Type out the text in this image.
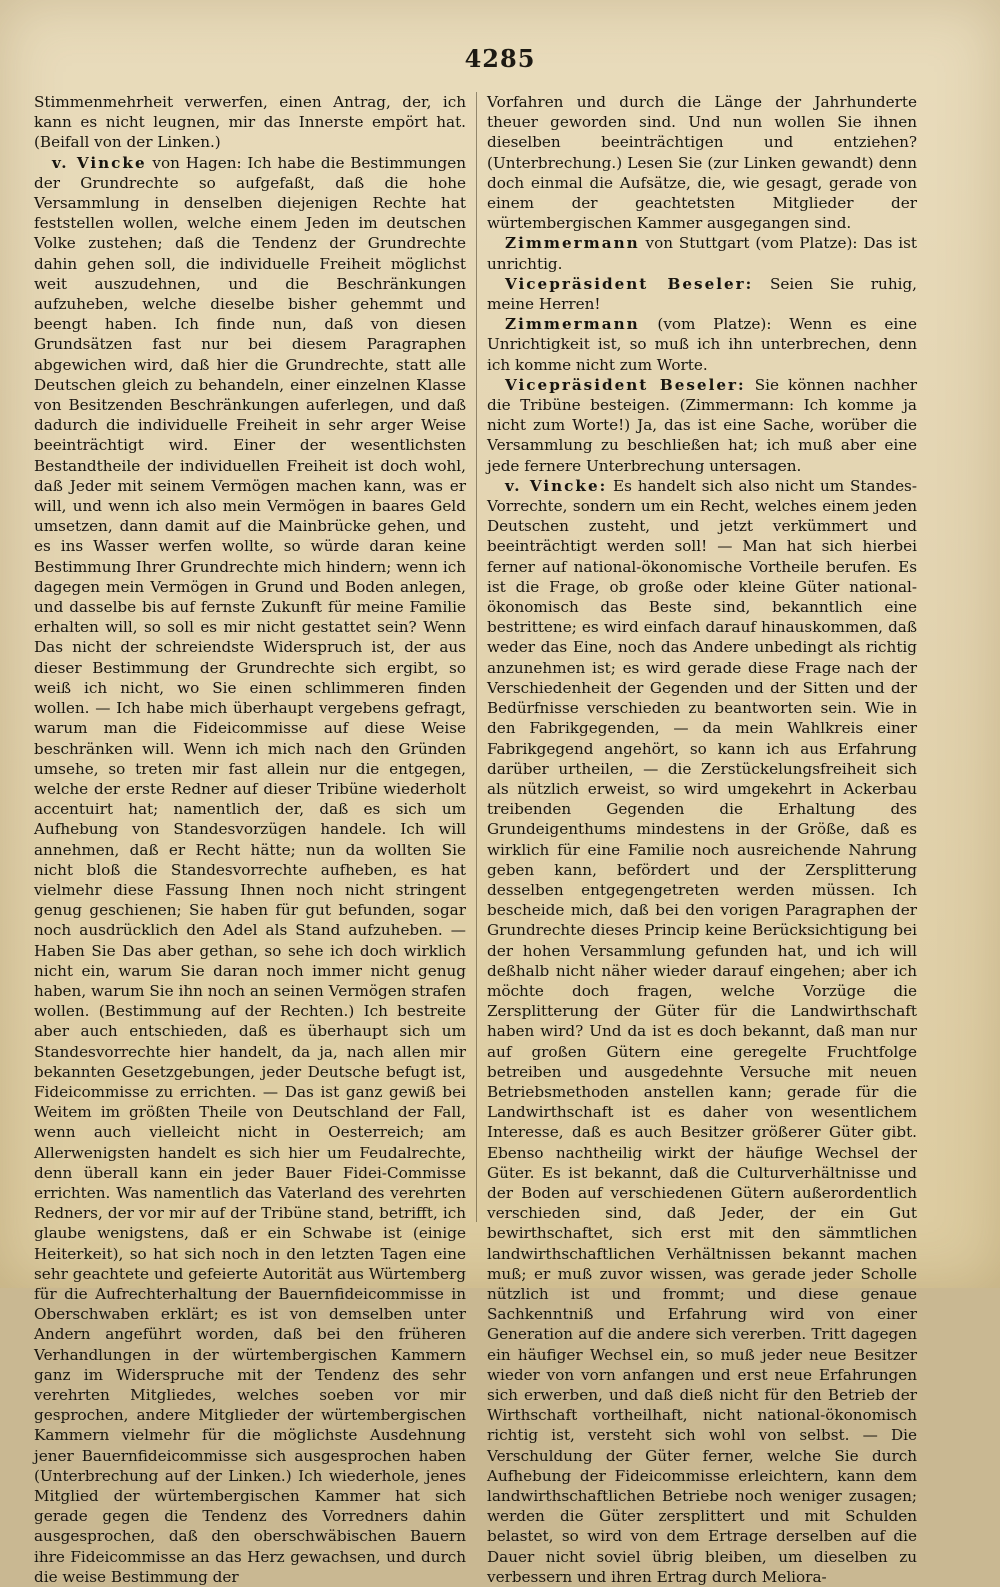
4285

Stimmenmehrheit verwerfen, einen Antrag, der, ich kann es nicht leugnen, mir das Innerste empört hat. (Beifall von der Linken.)

v. Vincke von Hagen: Ich habe die Bestimmungen der Grundrechte so aufgefaßt, daß die hohe Versammlung in denselben diejenigen Rechte hat feststellen wollen, welche einem Jeden im deutschen Volke zustehen; daß die Tendenz der Grundrechte dahin gehen soll, die individuelle Freiheit möglichst weit auszudehnen, und die Beschränkungen aufzuheben, welche dieselbe bisher gehemmt und beengt haben. Ich finde nun, daß von diesen Grundsätzen fast nur bei diesem Paragraphen abgewichen wird, daß hier die Grundrechte, statt alle Deutschen gleich zu behandeln, einer einzelnen Klasse von Besitzenden Beschränkungen auferlegen, und daß dadurch die individuelle Freiheit in sehr arger Weise beeinträchtigt wird. Einer der wesentlichsten Bestandtheile der individuellen Freiheit ist doch wohl, daß Jeder mit seinem Vermögen machen kann, was er will, und wenn ich also mein Vermögen in baares Geld umsetzen, dann damit auf die Mainbrücke gehen, und es ins Wasser werfen wollte, so würde daran keine Bestimmung Ihrer Grundrechte mich hindern; wenn ich dagegen mein Vermögen in Grund und Boden anlegen, und dasselbe bis auf fernste Zukunft für meine Familie erhalten will, so soll es mir nicht gestattet sein? Wenn Das nicht der schreiendste Widerspruch ist, der aus dieser Bestimmung der Grundrechte sich ergibt, so weiß ich nicht, wo Sie einen schlimmeren finden wollen. — Ich habe mich überhaupt vergebens gefragt, warum man die Fideicommisse auf diese Weise beschränken will. Wenn ich mich nach den Gründen umsehe, so treten mir fast allein nur die entgegen, welche der erste Redner auf dieser Tribüne wiederholt accentuirt hat; namentlich der, daß es sich um Aufhebung von Standesvorzügen handele. Ich will annehmen, daß er Recht hätte; nun da wollten Sie nicht bloß die Standesvorrechte aufheben, es hat vielmehr diese Fassung Ihnen noch nicht stringent genug geschienen; Sie haben für gut befunden, sogar noch ausdrücklich den Adel als Stand aufzuheben. — Haben Sie Das aber gethan, so sehe ich doch wirklich nicht ein, warum Sie daran noch immer nicht genug haben, warum Sie ihn noch an seinen Vermögen strafen wollen. (Bestimmung auf der Rechten.) Ich bestreite aber auch entschieden, daß es überhaupt sich um Standesvorrechte hier handelt, da ja, nach allen mir bekannten Gesetzgebungen, jeder Deutsche befugt ist, Fideicommisse zu errichten. — Das ist ganz gewiß bei Weitem im größten Theile von Deutschland der Fall, wenn auch vielleicht nicht in Oesterreich; am Allerwenigsten handelt es sich hier um Feudalrechte, denn überall kann ein jeder Bauer Fidei-Commisse errichten. Was namentlich das Vaterland des verehrten Redners, der vor mir auf der Tribüne stand, betrifft, ich glaube wenigstens, daß er ein Schwabe ist (einige Heiterkeit), so hat sich noch in den letzten Tagen eine sehr geachtete und gefeierte Autorität aus Würtemberg für die Aufrechterhaltung der Bauernfideicommisse in Oberschwaben erklärt; es ist von demselben unter Andern angeführt worden, daß bei den früheren Verhandlungen in der würtembergischen Kammern ganz im Widerspruche mit der Tendenz des sehr verehrten Mitgliedes, welches soeben vor mir gesprochen, andere Mitglieder der würtembergischen Kammern vielmehr für die möglichste Ausdehnung jener Bauernfideicommisse sich ausgesprochen haben (Unterbrechung auf der Linken.) Ich wiederhole, jenes Mitglied der würtembergischen Kammer hat sich gerade gegen die Tendenz des Vorredners dahin ausgesprochen, daß den oberschwäbischen Bauern ihre Fideicommisse an das Herz gewachsen, und durch die weise Bestimmung der

Vorfahren und durch die Länge der Jahrhunderte theuer geworden sind. Und nun wollen Sie ihnen dieselben beeinträchtigen und entziehen? (Unterbrechung.) Lesen Sie (zur Linken gewandt) denn doch einmal die Aufsätze, die, wie gesagt, gerade von einem der geachtetsten Mitglieder der würtembergischen Kammer ausgegangen sind.

Zimmermann von Stuttgart (vom Platze): Das ist unrichtig.

Vicepräsident Beseler: Seien Sie ruhig, meine Herren!

Zimmermann (vom Platze): Wenn es eine Unrichtigkeit ist, so muß ich ihn unterbrechen, denn ich komme nicht zum Worte.

Vicepräsident Beseler: Sie können nachher die Tribüne besteigen. (Zimmermann: Ich komme ja nicht zum Worte!) Ja, das ist eine Sache, worüber die Versammlung zu beschließen hat; ich muß aber eine jede fernere Unterbrechung untersagen.

v. Vincke: Es handelt sich also nicht um Standes-Vorrechte, sondern um ein Recht, welches einem jeden Deutschen zusteht, und jetzt verkümmert und beeinträchtigt werden soll! — Man hat sich hierbei ferner auf national-ökonomische Vortheile berufen. Es ist die Frage, ob große oder kleine Güter national-ökonomisch das Beste sind, bekanntlich eine bestrittene; es wird einfach darauf hinauskommen, daß weder das Eine, noch das Andere unbedingt als richtig anzunehmen ist; es wird gerade diese Frage nach der Verschiedenheit der Gegenden und der Sitten und der Bedürfnisse verschieden zu beantworten sein. Wie in den Fabrikgegenden, — da mein Wahlkreis einer Fabrikgegend angehört, so kann ich aus Erfahrung darüber urtheilen, — die Zerstückelungsfreiheit sich als nützlich erweist, so wird umgekehrt in Ackerbau treibenden Gegenden die Erhaltung des Grundeigenthums mindestens in der Größe, daß es wirklich für eine Familie noch ausreichende Nahrung geben kann, befördert und der Zersplitterung desselben entgegengetreten werden müssen. Ich bescheide mich, daß bei den vorigen Paragraphen der Grundrechte dieses Princip keine Berücksichtigung bei der hohen Versammlung gefunden hat, und ich will deßhalb nicht näher wieder darauf eingehen; aber ich möchte doch fragen, welche Vorzüge die Zersplitterung der Güter für die Landwirthschaft haben wird? Und da ist es doch bekannt, daß man nur auf großen Gütern eine geregelte Fruchtfolge betreiben und ausgedehnte Versuche mit neuen Betriebsmethoden anstellen kann; gerade für die Landwirthschaft ist es daher von wesentlichem Interesse, daß es auch Besitzer größerer Güter gibt. Ebenso nachtheilig wirkt der häufige Wechsel der Güter. Es ist bekannt, daß die Culturverhältnisse und der Boden auf verschiedenen Gütern außerordentlich verschieden sind, daß Jeder, der ein Gut bewirthschaftet, sich erst mit den sämmtlichen landwirthschaftlichen Verhältnissen bekannt machen muß; er muß zuvor wissen, was gerade jeder Scholle nützlich ist und frommt; und diese genaue Sachkenntniß und Erfahrung wird von einer Generation auf die andere sich vererben. Tritt dagegen ein häufiger Wechsel ein, so muß jeder neue Besitzer wieder von vorn anfangen und erst neue Erfahrungen sich erwerben, und daß dieß nicht für den Betrieb der Wirthschaft vortheilhaft, nicht national-ökonomisch richtig ist, versteht sich wohl von selbst. — Die Verschuldung der Güter ferner, welche Sie durch Aufhebung der Fideicommisse erleichtern, kann dem landwirthschaftlichen Betriebe noch weniger zusagen; werden die Güter zersplittert und mit Schulden belastet, so wird von dem Ertrage derselben auf die Dauer nicht soviel übrig bleiben, um dieselben zu verbessern und ihren Ertrag durch Meliora-
